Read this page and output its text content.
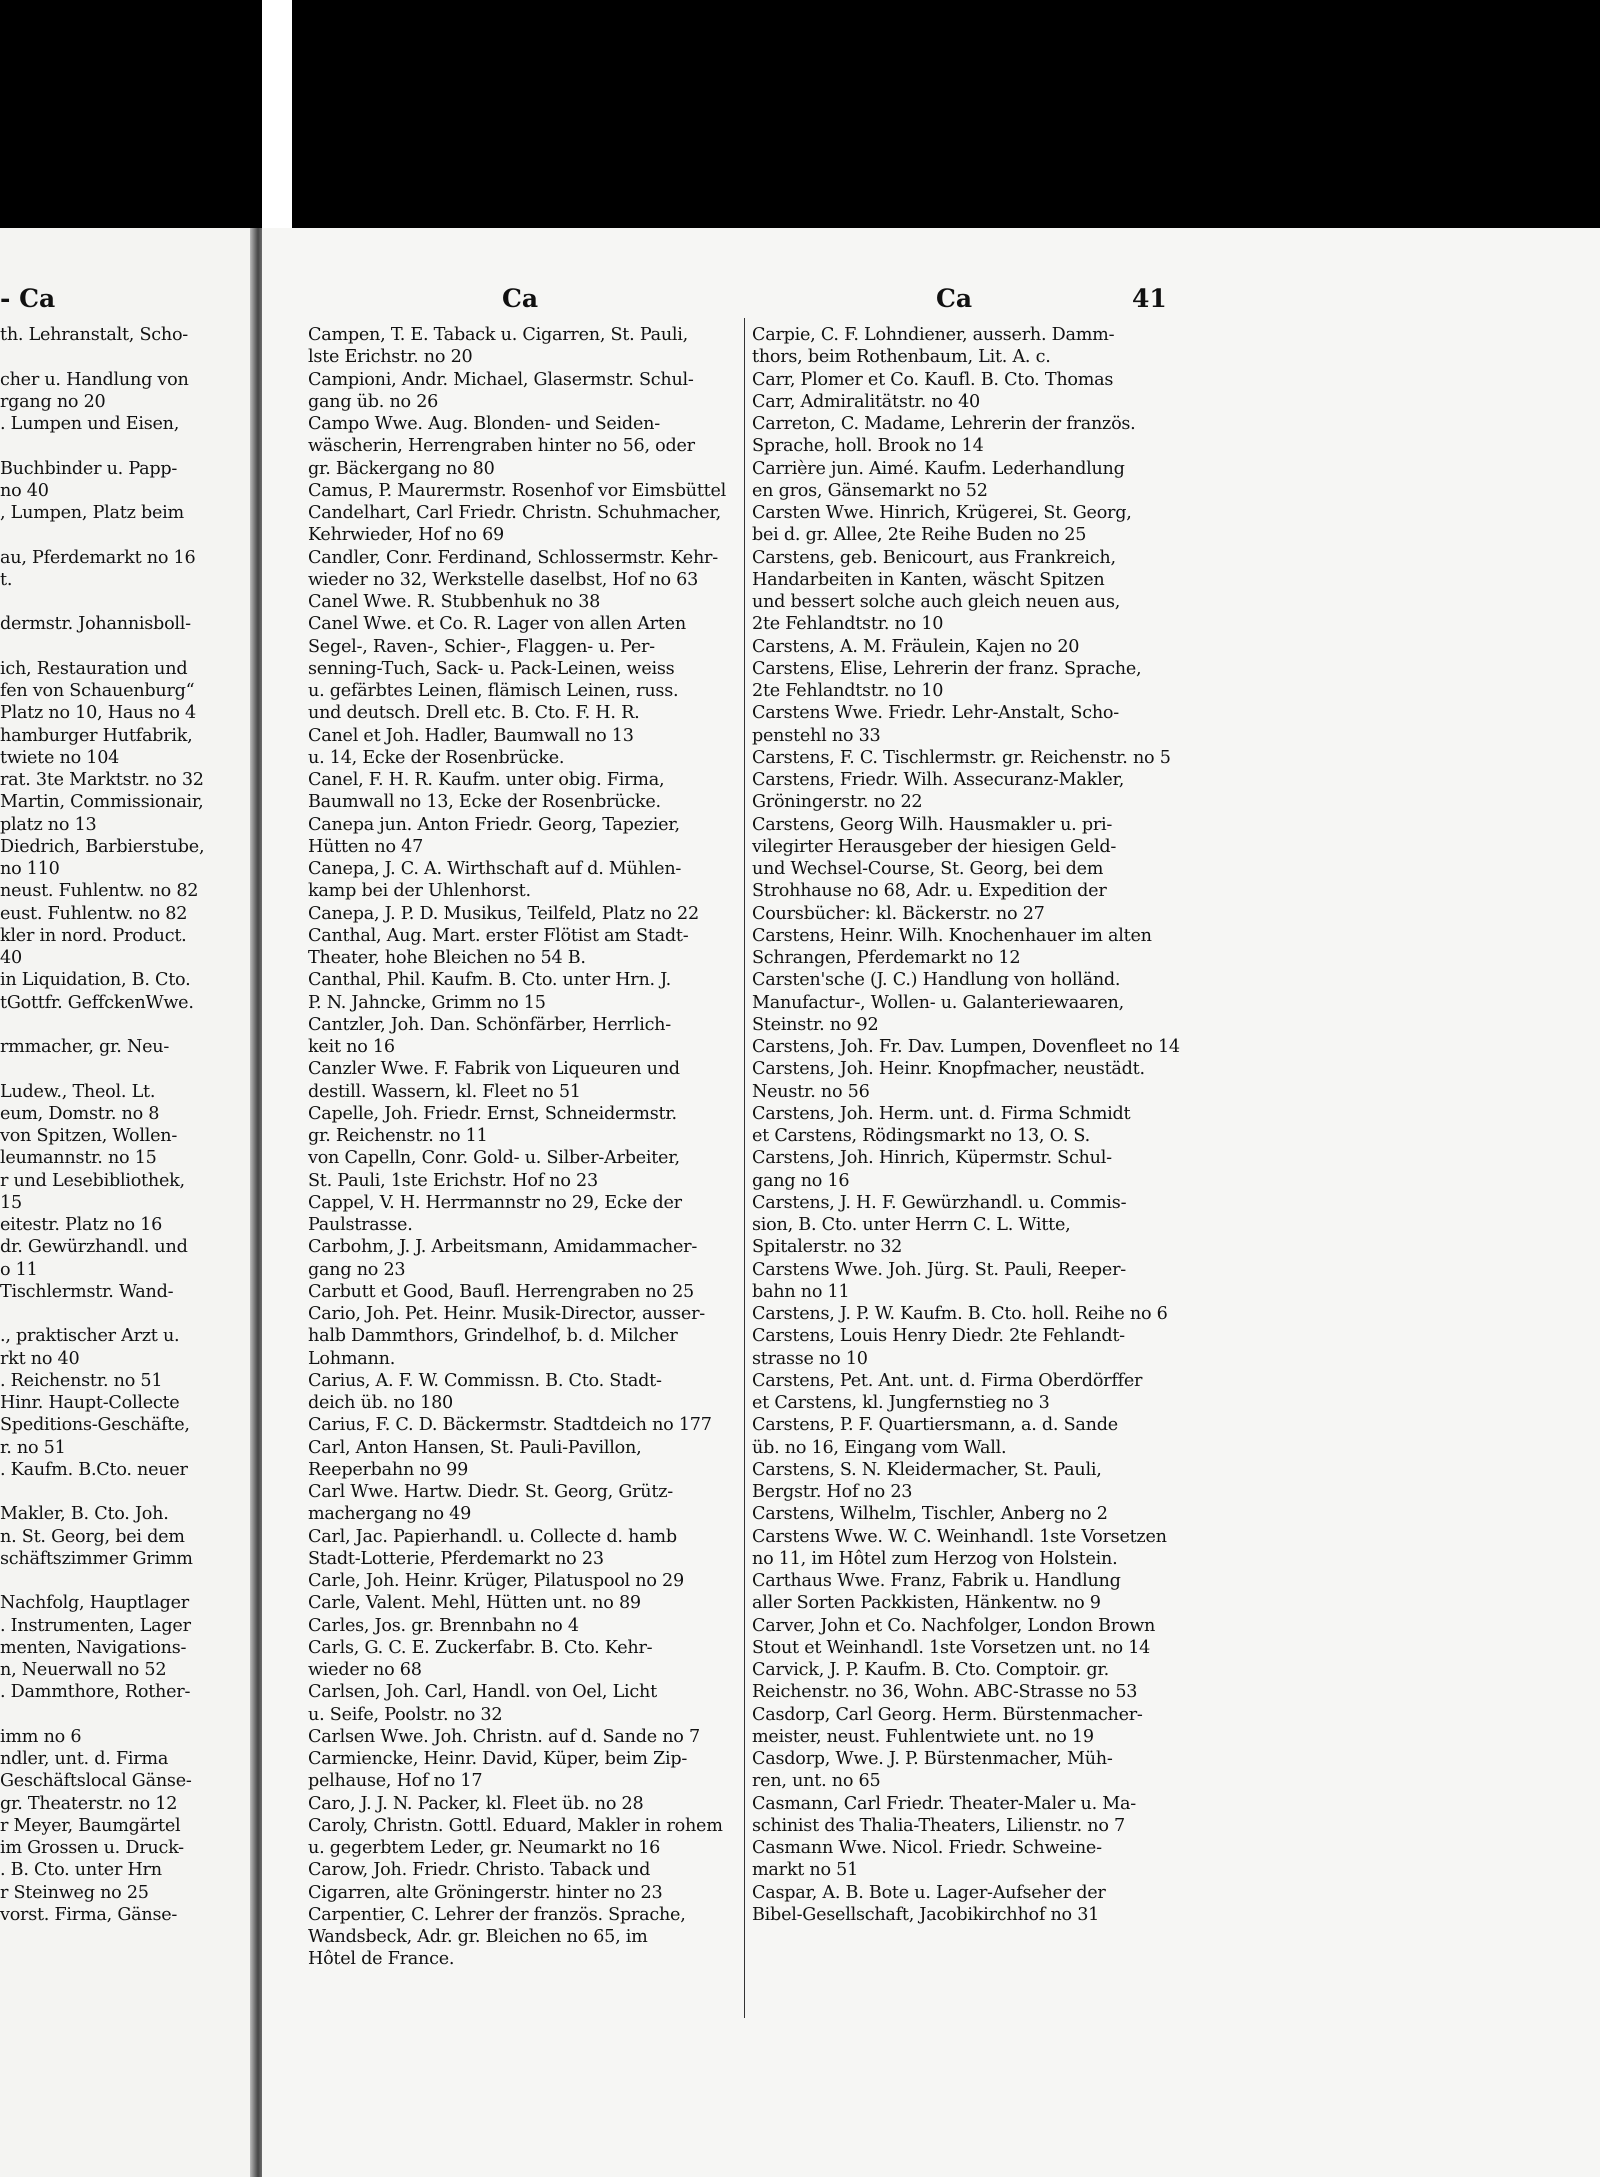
- Ca

th. Lehranstalt, Scho-

cher u. Handlung von

rgang no 20

. Lumpen und Eisen,

Buchbinder u. Papp-

no 40

, Lumpen, Platz beim

au, Pferdemarkt no 16

t.

dermstr. Johannisboll-

ich, Restauration und

fen von Schauenburg“

Platz no 10, Haus no 4

hamburger Hutfabrik,

twiete no 104

rat. 3te Marktstr. no 32

Martin, Commissionair,

platz no 13

Diedrich, Barbierstube,

no 110

neust. Fuhlentw. no 82

eust. Fuhlentw. no 82

kler in nord. Product.

40

in Liquidation, B. Cto.

tGottfr. GeffckenWwe.

rmmacher, gr. Neu-

Ludew., Theol. Lt.

eum, Domstr. no 8

von Spitzen, Wollen-

leumannstr. no 15

r und Lesebibliothek,

15

eitestr. Platz no 16

dr. Gewürzhandl. und

o 11

Tischlermstr. Wand-

., praktischer Arzt u.

rkt no 40

. Reichenstr. no 51

Hinr. Haupt-Collecte

Speditions-Geschäfte,

r. no 51

. Kaufm. B.Cto. neuer

Makler, B. Cto. Joh.

n. St. Georg, bei dem

schäftszimmer Grimm

Nachfolg, Hauptlager

. Instrumenten, Lager

menten, Navigations-

n, Neuerwall no 52

. Dammthore, Rother-

imm no 6

ndler, unt. d. Firma

Geschäftslocal Gänse-

gr. Theaterstr. no 12

r Meyer, Baumgärtel

im Grossen u. Druck-

. B. Cto. unter Hrn

r Steinweg no 25

vorst. Firma, Gänse-

Ca	Ca	41

Campen, T. E. Taback u. Cigarren, St. Pauli,

lste Erichstr. no 20

Campioni, Andr. Michael, Glasermstr. Schul-

gang üb. no 26

Campo Wwe. Aug. Blonden- und Seiden-

wäscherin, Herrengraben hinter no 56, oder

gr. Bäckergang no 80

Camus, P. Maurermstr. Rosenhof vor Eimsbüttel

Candelhart, Carl Friedr. Christn. Schuhmacher,

Kehrwieder, Hof no 69

Candler, Conr. Ferdinand, Schlossermstr. Kehr-

wieder no 32, Werkstelle daselbst, Hof no 63

Canel Wwe. R. Stubbenhuk no 38

Canel Wwe. et Co. R. Lager von allen Arten

Segel-, Raven-, Schier-, Flaggen- u. Per-

senning-Tuch, Sack- u. Pack-Leinen, weiss

u. gefärbtes Leinen, flämisch Leinen, russ.

und deutsch. Drell etc. B. Cto. F. H. R.

Canel et Joh. Hadler, Baumwall no 13

u. 14, Ecke der Rosenbrücke.

Canel, F. H. R. Kaufm. unter obig. Firma,

Baumwall no 13, Ecke der Rosenbrücke.

Canepa jun. Anton Friedr. Georg, Tapezier,

Hütten no 47

Canepa, J. C. A. Wirthschaft auf d. Mühlen-

kamp bei der Uhlenhorst.

Canepa, J. P. D. Musikus, Teilfeld, Platz no 22

Canthal, Aug. Mart. erster Flötist am Stadt-

Theater, hohe Bleichen no 54 B.

Canthal, Phil. Kaufm. B. Cto. unter Hrn. J.

P. N. Jahncke, Grimm no 15

Cantzler, Joh. Dan. Schönfärber, Herrlich-

keit no 16

Canzler Wwe. F. Fabrik von Liqueuren und

destill. Wassern, kl. Fleet no 51

Capelle, Joh. Friedr. Ernst, Schneidermstr.

gr. Reichenstr. no 11

von Capelln, Conr. Gold- u. Silber-Arbeiter,

St. Pauli, 1ste Erichstr. Hof no 23

Cappel, V. H. Herrmannstr no 29, Ecke der

Paulstrasse.

Carbohm, J. J. Arbeitsmann, Amidammacher-

gang no 23

Carbutt et Good, Baufl. Herrengraben no 25

Cario, Joh. Pet. Heinr. Musik-Director, ausser-

halb Dammthors, Grindelhof, b. d. Milcher

Lohmann.

Carius, A. F. W. Commissn. B. Cto. Stadt-

deich üb. no 180

Carius, F. C. D. Bäckermstr. Stadtdeich no 177

Carl, Anton Hansen, St. Pauli-Pavillon,

Reeperbahn no 99

Carl Wwe. Hartw. Diedr. St. Georg, Grütz-

machergang no 49

Carl, Jac. Papierhandl. u. Collecte d. hamb

Stadt-Lotterie, Pferdemarkt no 23

Carle, Joh. Heinr. Krüger, Pilatuspool no 29

Carle, Valent. Mehl, Hütten unt. no 89

Carles, Jos. gr. Brennbahn no 4

Carls, G. C. E. Zuckerfabr. B. Cto. Kehr-

wieder no 68

Carlsen, Joh. Carl, Handl. von Oel, Licht

u. Seife, Poolstr. no 32

Carlsen Wwe. Joh. Christn. auf d. Sande no 7

Carmiencke, Heinr. David, Küper, beim Zip-

pelhause, Hof no 17

Caro, J. J. N. Packer, kl. Fleet üb. no 28

Caroly, Christn. Gottl. Eduard, Makler in rohem

u. gegerbtem Leder, gr. Neumarkt no 16

Carow, Joh. Friedr. Christo. Taback und

Cigarren, alte Gröningerstr. hinter no 23

Carpentier, C. Lehrer der französ. Sprache,

Wandsbeck, Adr. gr. Bleichen no 65, im

Hôtel de France.

Carpie, C. F. Lohndiener, ausserh. Damm-

thors, beim Rothenbaum, Lit. A. c.

Carr, Plomer et Co. Kaufl. B. Cto. Thomas

Carr, Admiralitätstr. no 40

Carreton, C. Madame, Lehrerin der französ.

Sprache, holl. Brook no 14

Carrière jun. Aimé. Kaufm. Lederhandlung

en gros, Gänsemarkt no 52

Carsten Wwe. Hinrich, Krügerei, St. Georg,

bei d. gr. Allee, 2te Reihe Buden no 25

Carstens, geb. Benicourt, aus Frankreich,

Handarbeiten in Kanten, wäscht Spitzen

und bessert solche auch gleich neuen aus,

2te Fehlandtstr. no 10

Carstens, A. M. Fräulein, Kajen no 20

Carstens, Elise, Lehrerin der franz. Sprache,

2te Fehlandtstr. no 10

Carstens Wwe. Friedr. Lehr-Anstalt, Scho-

penstehl no 33

Carstens, F. C. Tischlermstr. gr. Reichenstr. no 5

Carstens, Friedr. Wilh. Assecuranz-Makler,

Gröningerstr. no 22

Carstens, Georg Wilh. Hausmakler u. pri-

vilegirter Herausgeber der hiesigen Geld-

und Wechsel-Course, St. Georg, bei dem

Strohhause no 68, Adr. u. Expedition der

Coursbücher: kl. Bäckerstr. no 27

Carstens, Heinr. Wilh. Knochenhauer im alten

Schrangen, Pferdemarkt no 12

Carsten'sche (J. C.) Handlung von holländ.

Manufactur-, Wollen- u. Galanteriewaaren,

Steinstr. no 92

Carstens, Joh. Fr. Dav. Lumpen, Dovenfleet no 14

Carstens, Joh. Heinr. Knopfmacher, neustädt.

Neustr. no 56

Carstens, Joh. Herm. unt. d. Firma Schmidt

et Carstens, Rödingsmarkt no 13, O. S.

Carstens, Joh. Hinrich, Küpermstr. Schul-

gang no 16

Carstens, J. H. F. Gewürzhandl. u. Commis-

sion, B. Cto. unter Herrn C. L. Witte,

Spitalerstr. no 32

Carstens Wwe. Joh. Jürg. St. Pauli, Reeper-

bahn no 11

Carstens, J. P. W. Kaufm. B. Cto. holl. Reihe no 6

Carstens, Louis Henry Diedr. 2te Fehlandt-

strasse no 10

Carstens, Pet. Ant. unt. d. Firma Oberdörffer

et Carstens, kl. Jungfernstieg no 3

Carstens, P. F. Quartiersmann, a. d. Sande

üb. no 16, Eingang vom Wall.

Carstens, S. N. Kleidermacher, St. Pauli,

Bergstr. Hof no 23

Carstens, Wilhelm, Tischler, Anberg no 2

Carstens Wwe. W. C. Weinhandl. 1ste Vorsetzen

no 11, im Hôtel zum Herzog von Holstein.

Carthaus Wwe. Franz, Fabrik u. Handlung

aller Sorten Packkisten, Hänkentw. no 9

Carver, John et Co. Nachfolger, London Brown

Stout et Weinhandl. 1ste Vorsetzen unt. no 14

Carvick, J. P. Kaufm. B. Cto. Comptoir. gr.

Reichenstr. no 36, Wohn. ABC-Strasse no 53

Casdorp, Carl Georg. Herm. Bürstenmacher-

meister, neust. Fuhlentwiete unt. no 19

Casdorp, Wwe. J. P. Bürstenmacher, Müh-

ren, unt. no 65

Casmann, Carl Friedr. Theater-Maler u. Ma-

schinist des Thalia-Theaters, Lilienstr. no 7

Casmann Wwe. Nicol. Friedr. Schweine-

markt no 51

Caspar, A. B. Bote u. Lager-Aufseher der

Bibel-Gesellschaft, Jacobikirchhof no 31
